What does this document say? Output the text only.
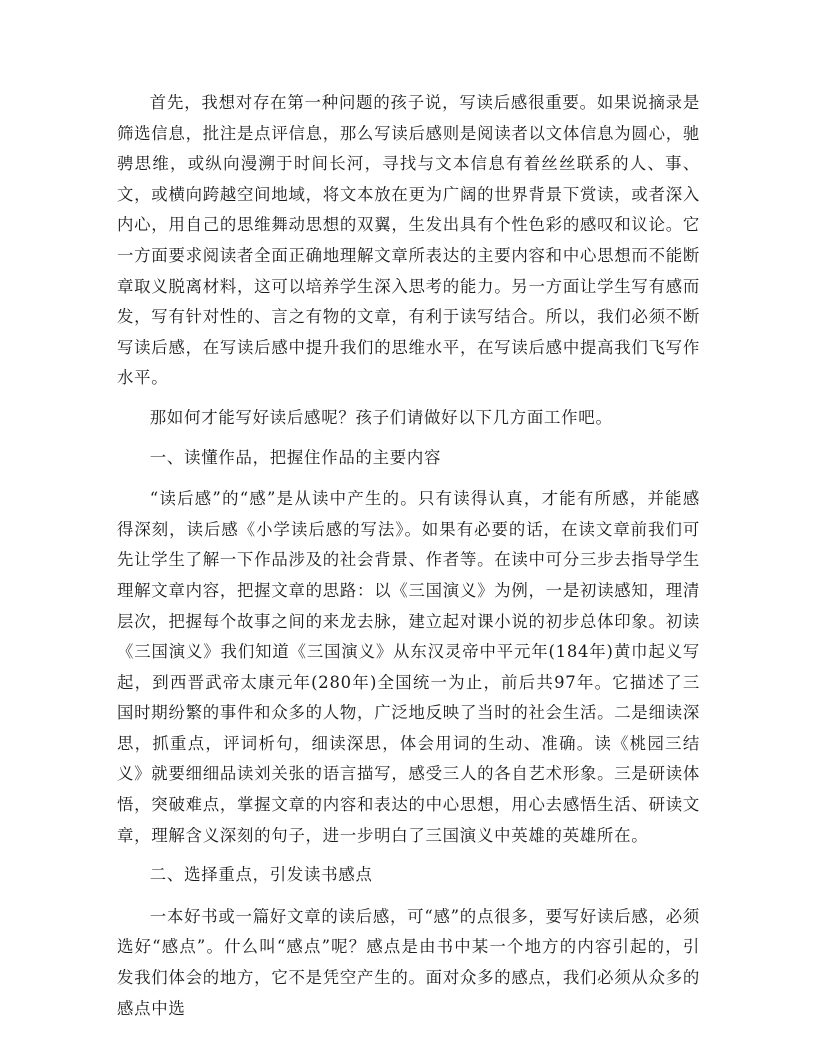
首先，我想对存在第一种问题的孩子说，写读后感很重要。如果说摘录是筛选信息，批注是点评信息，那么写读后感则是阅读者以文体信息为圆心，驰骋思维，或纵向漫溯于时间长河，寻找与文本信息有着丝丝联系的人、事、文，或横向跨越空间地域，将文本放在更为广阔的世界背景下赏读，或者深入内心，用自己的思维舞动思想的双翼，生发出具有个性色彩的感叹和议论。它一方面要求阅读者全面正确地理解文章所表达的主要内容和中心思想而不能断章取义脱离材料，这可以培养学生深入思考的能力。另一方面让学生写有感而发，写有针对性的、言之有物的文章，有利于读写结合。所以，我们必须不断写读后感，在写读后感中提升我们的思维水平，在写读后感中提高我们飞写作水平。

那如何才能写好读后感呢？孩子们请做好以下几方面工作吧。

一、读懂作品，把握住作品的主要内容

“读后感”的“感”是从读中产生的。只有读得认真，才能有所感，并能感得深刻，读后感《小学读后感的写法》。如果有必要的话，在读文章前我们可先让学生了解一下作品涉及的社会背景、作者等。在读中可分三步去指导学生理解文章内容，把握文章的思路：以《三国演义》为例，一是初读感知，理清层次，把握每个故事之间的来龙去脉，建立起对课小说的初步总体印象。初读《三国演义》我们知道《三国演义》从东汉灵帝中平元年(184年)黄巾起义写起，到西晋武帝太康元年(280年)全国统一为止，前后共97年。它描述了三国时期纷繁的事件和众多的人物，广泛地反映了当时的社会生活。二是细读深思，抓重点，评词析句，细读深思，体会用词的生动、准确。读《桃园三结义》就要细细品读刘关张的语言描写，感受三人的各自艺术形象。三是研读体悟，突破难点，掌握文章的内容和表达的中心思想，用心去感悟生活、研读文章，理解含义深刻的句子，进一步明白了三国演义中英雄的英雄所在。

二、选择重点，引发读书感点

一本好书或一篇好文章的读后感，可“感”的点很多，要写好读后感，必须选好“感点”。什么叫“感点”呢？感点是由书中某一个地方的内容引起的，引发我们体会的地方，它不是凭空产生的。面对众多的感点，我们必须从众多的感点中选
